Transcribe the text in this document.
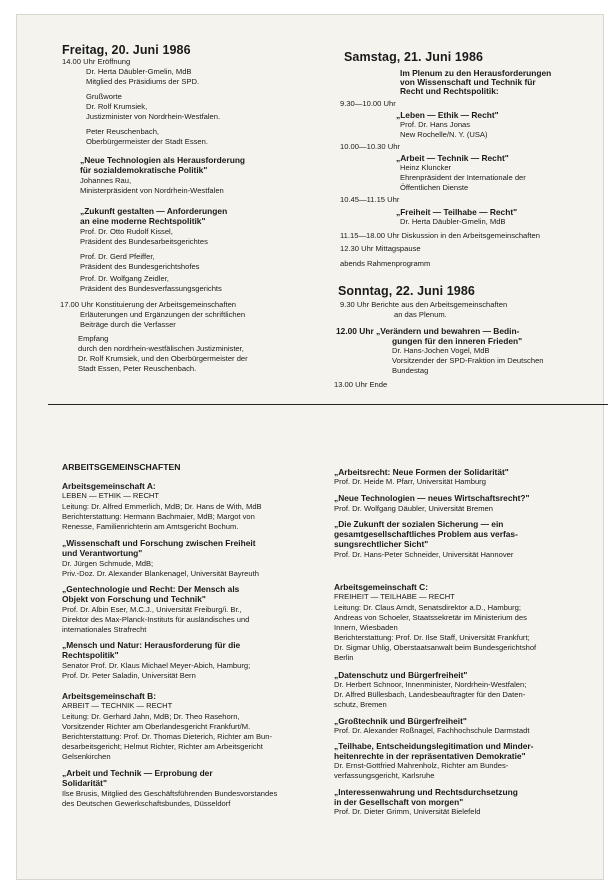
Freitag, 20. Juni 1986
14.00 Uhr Eröffnung
Dr. Herta Däubler-Gmelin, MdB
Mitglied des Präsidiums der SPD.
Grußworte
Dr. Rolf Krumsiek,
Justizminister von Nordrhein-Westfalen.
Peter Reuschenbach,
Oberbürgermeister der Stadt Essen.
„Neue Technologien als Herausforderung
für sozialdemokratische Politik"
Johannes Rau,
Ministerpräsident von Nordrhein-Westfalen
„Zukunft gestalten — Anforderungen
an eine moderne Rechtspolitik"
Prof. Dr. Otto Rudolf Kissel,
Präsident des Bundesarbeitsgerichtes
Prof. Dr. Gerd Pfeiffer,
Präsident des Bundesgerichtshofes
Prof. Dr. Wolfgang Zeidler,
Präsident des Bundesverfassungsgerichts
17.00 Uhr Konstituierung der Arbeitsgemeinschaften
Erläuterungen und Ergänzungen der schriftlichen
Beiträge durch die Verfasser
Empfang
durch den nordrhein-westfälischen Justizminister,
Dr. Rolf Krumsiek, und den Oberbürgermeister der
Stadt Essen, Peter Reuschenbach.
Samstag, 21. Juni 1986
Im Plenum zu den Herausforderungen
von Wissenschaft und Technik für
Recht und Rechtspolitik:
9.30—10.00 Uhr
„Leben — Ethik — Recht"
Prof. Dr. Hans Jonas
New Rochelle/N. Y. (USA)
10.00—10.30 Uhr
„Arbeit — Technik — Recht"
Heinz Kluncker
Ehrenpräsident der Internationale der
Öffentlichen Dienste
10.45—11.15 Uhr
„Freiheit — Teilhabe — Recht"
Dr. Herta Däubler-Gmelin, MdB
11.15—18.00 Uhr Diskussion in den Arbeitsgemeinschaften
12.30 Uhr Mittagspause
abends Rahmenprogramm
Sonntag, 22. Juni 1986
9.30 Uhr Berichte aus den Arbeitsgemeinschaften
an das Plenum.
12.00 Uhr „Verändern und bewahren — Bedin-
gungen für den inneren Frieden"
Dr. Hans-Jochen Vogel, MdB
Vorsitzender der SPD-Fraktion im Deutschen
Bundestag
13.00 Uhr Ende
ARBEITSGEMEINSCHAFTEN
Arbeitsgemeinschaft A:
LEBEN — ETHIK — RECHT
Leitung: Dr. Alfred Emmerlich, MdB; Dr. Hans de With, MdB
Berichterstattung: Hermann Bachmaier, MdB; Margot von
Renesse, Familienrichterin am Amtsgericht Bochum.
„Wissenschaft und Forschung zwischen Freiheit
und Verantwortung"
Dr. Jürgen Schmude, MdB;
Priv.-Doz. Dr. Alexander Blankenagel, Universität Bayreuth
„Gentechnologie und Recht: Der Mensch als
Objekt von Forschung und Technik"
Prof. Dr. Albin Eser, M.C.J., Universität Freiburg/i. Br.,
Direktor des Max-Planck-Instituts für ausländisches und
internationales Strafrecht
„Mensch und Natur: Herausforderung für die
Rechtspolitik"
Senator Prof. Dr. Klaus Michael Meyer-Abich, Hamburg;
Prof. Dr. Peter Saladin, Universität Bern
Arbeitsgemeinschaft B:
ARBEIT — TECHNIK — RECHT
Leitung: Dr. Gerhard Jahn, MdB; Dr. Theo Rasehorn,
Vorsitzender Richter am Oberlandesgericht Frankfurt/M.
Berichterstattung: Prof. Dr. Thomas Dieterich, Richter am Bun-
desarbeitsgericht; Helmut Richter, Richter am Arbeitsgericht
Gelsenkirchen
„Arbeit und Technik — Erprobung der
Solidarität"
Ilse Brusis, Mitglied des Geschäftsführenden Bundesvorstandes
des Deutschen Gewerkschaftsbundes, Düsseldorf
„Arbeitsrecht: Neue Formen der Solidarität"
Prof. Dr. Heide M. Pfarr, Universität Hamburg
„Neue Technologien — neues Wirtschaftsrecht?"
Prof. Dr. Wolfgang Däubler, Universität Bremen
„Die Zukunft der sozialen Sicherung — ein
gesamtgesellschaftliches Problem aus verfas-
sungsrechtlicher Sicht"
Prof. Dr. Hans-Peter Schneider, Universität Hannover
Arbeitsgemeinschaft C:
FREIHEIT — TEILHABE — RECHT
Leitung: Dr. Claus Arndt, Senatsdirektor a.D., Hamburg;
Andreas von Schoeler, Staatssekretär im Ministerium des
Innern, Wiesbaden
Berichterstattung: Prof. Dr. Ilse Staff, Universität Frankfurt;
Dr. Sigmar Uhlig, Oberstaatsanwalt beim Bundesgerichtshof
Berlin
„Datenschutz und Bürgerfreiheit"
Dr. Herbert Schnoor, Innenminister, Nordrhein-Westfalen;
Dr. Alfred Büllesbach, Landesbeauftragter für den Daten-
schutz, Bremen
„Großtechnik und Bürgerfreiheit"
Prof. Dr. Alexander Roßnagel, Fachhochschule Darmstadt
„Teilhabe, Entscheidungslegitimation und Minder-
heitenrechte in der repräsentativen Demokratie"
Dr. Ernst-Gottfried Mahrenholz, Richter am Bundes-
verfassungsgericht, Karlsruhe
„Interessenwahrung und Rechtsdurchsetzung
in der Gesellschaft von morgen"
Prof. Dr. Dieter Grimm, Universität Bielefeld
